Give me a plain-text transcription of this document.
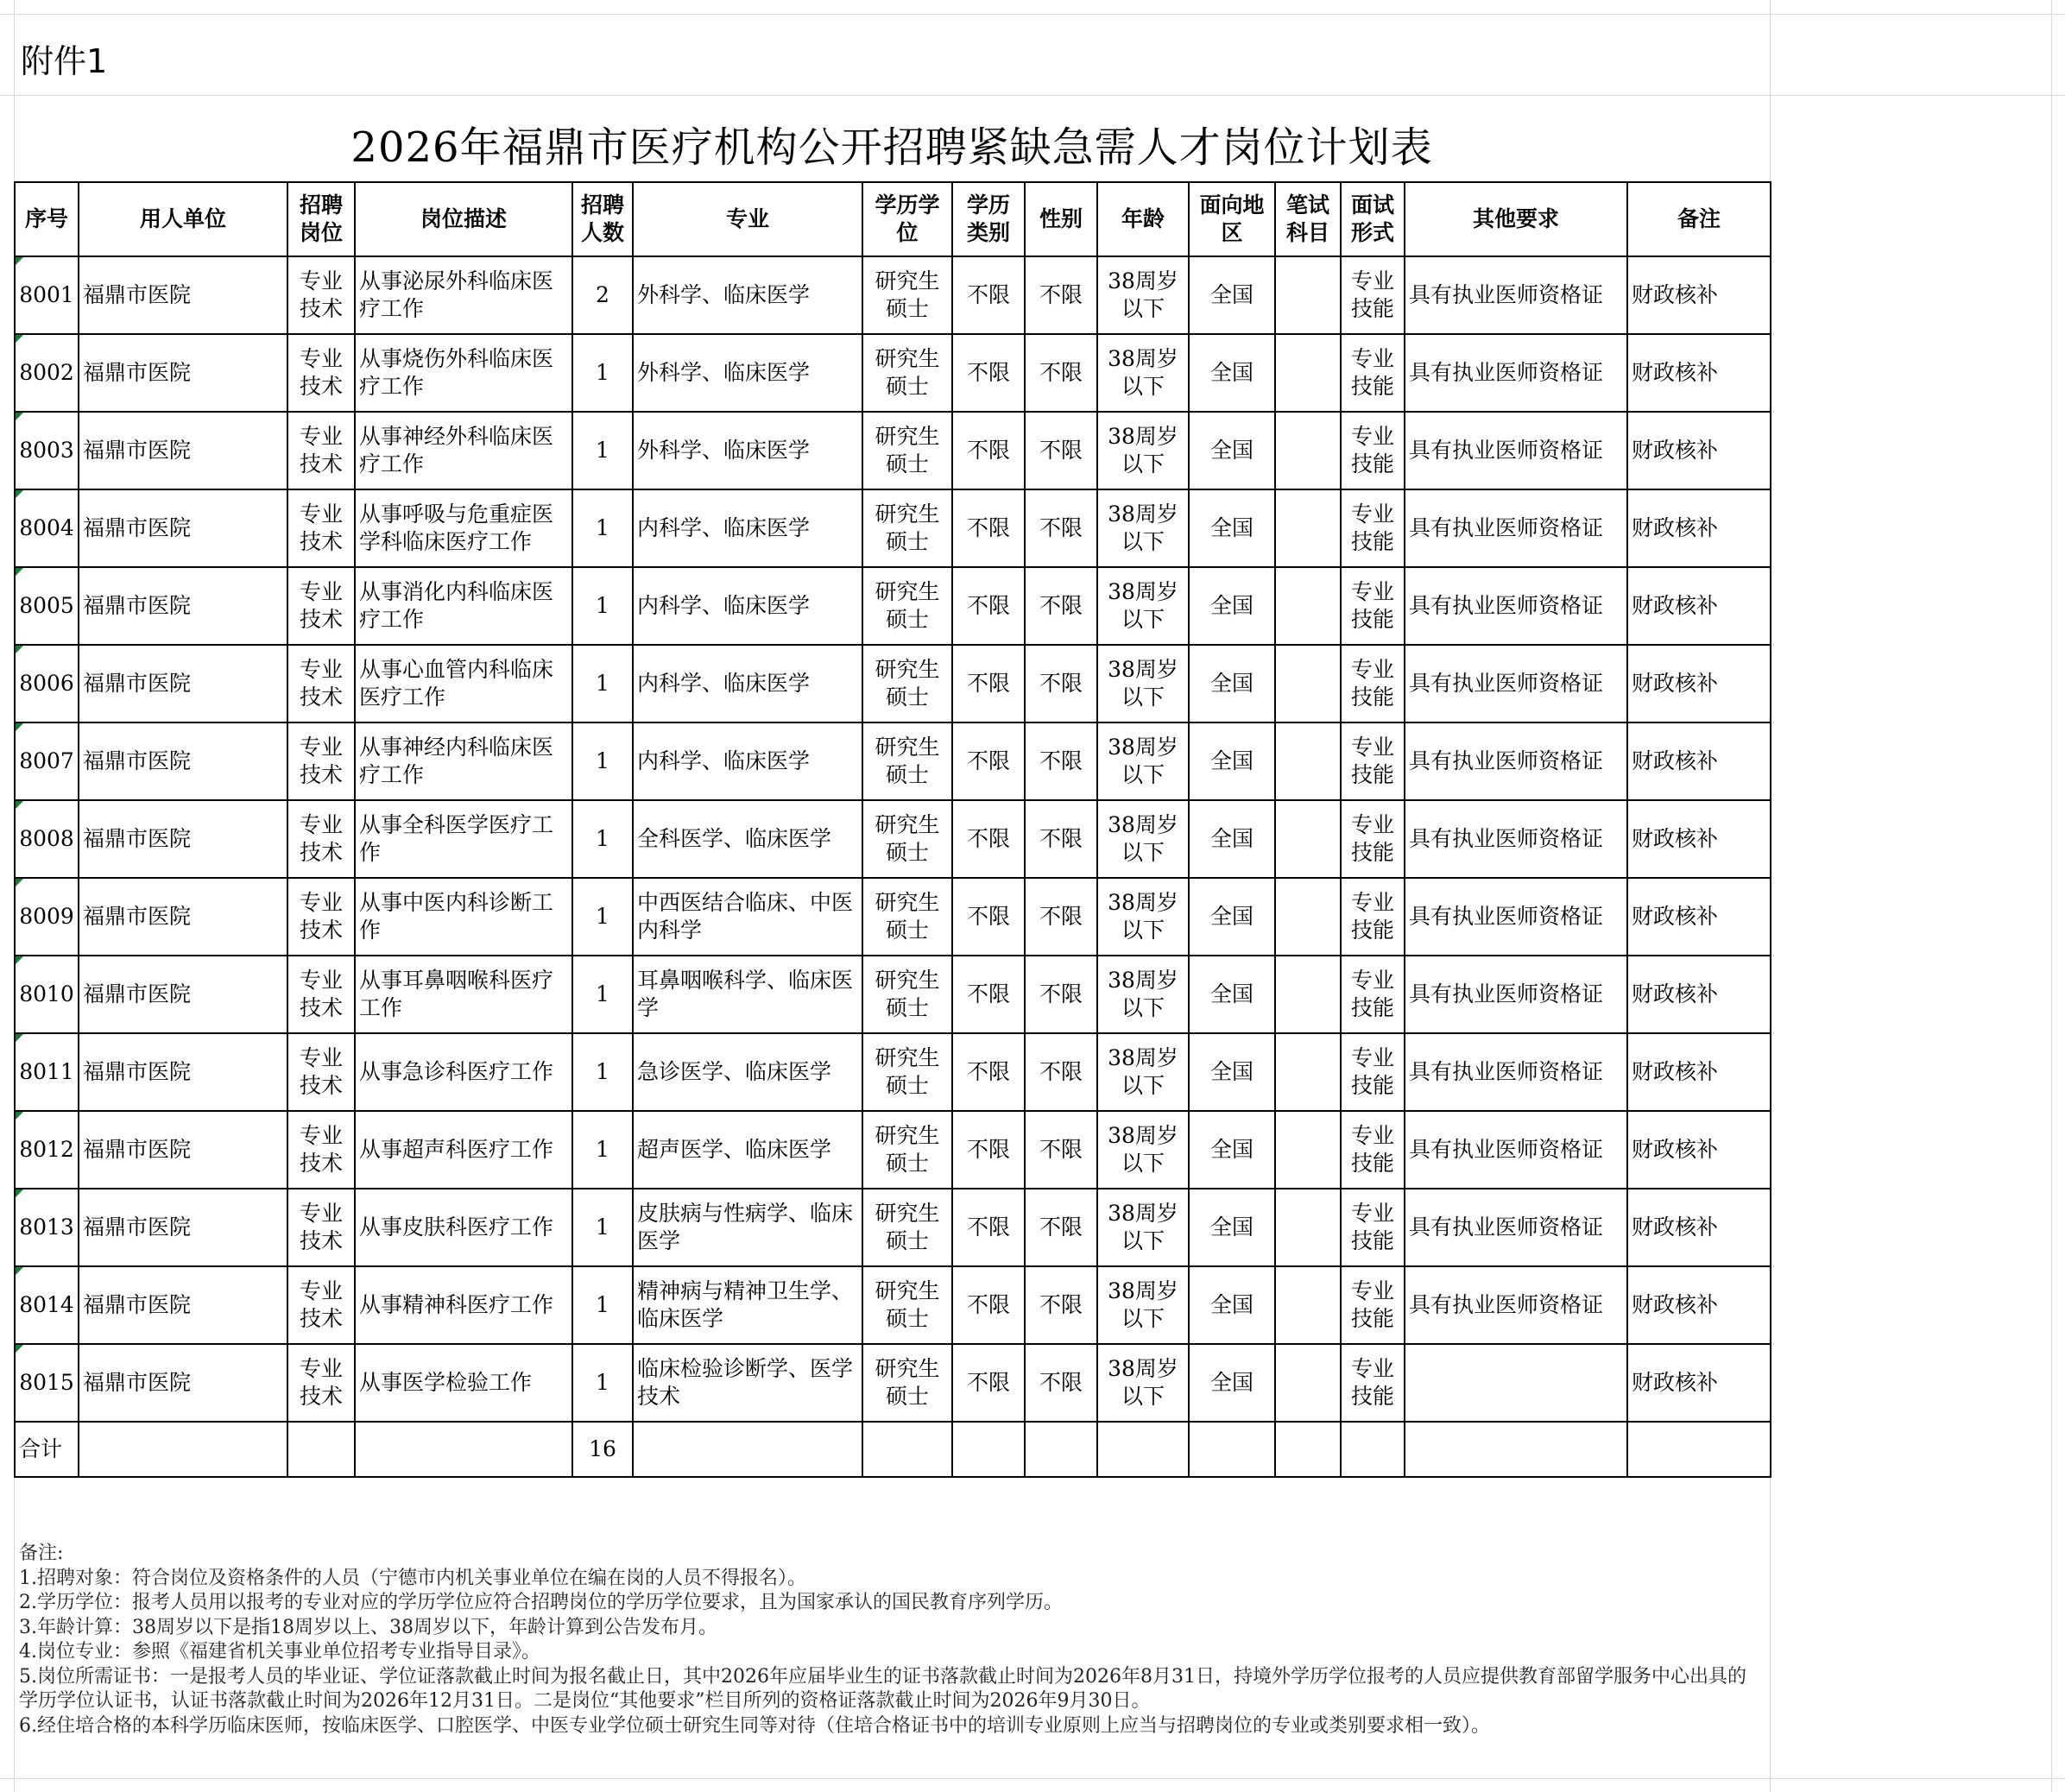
附件1
2026年福鼎市医疗机构公开招聘紧缺急需人才岗位计划表
序号	用人单位	招聘岗位	岗位描述	招聘人数	专业	学历学位	学历类别	性别	年龄	面向地区	笔试科目	面试形式	其他要求	备注
8001	福鼎市医院	专业技术	从事泌尿外科临床医疗工作	2	外科学、临床医学	研究生硕士	不限	不限	38周岁以下	全国		专业技能	具有执业医师资格证	财政核补
8002	福鼎市医院	专业技术	从事烧伤外科临床医疗工作	1	外科学、临床医学	研究生硕士	不限	不限	38周岁以下	全国		专业技能	具有执业医师资格证	财政核补
8003	福鼎市医院	专业技术	从事神经外科临床医疗工作	1	外科学、临床医学	研究生硕士	不限	不限	38周岁以下	全国		专业技能	具有执业医师资格证	财政核补
8004	福鼎市医院	专业技术	从事呼吸与危重症医学科临床医疗工作	1	内科学、临床医学	研究生硕士	不限	不限	38周岁以下	全国		专业技能	具有执业医师资格证	财政核补
8005	福鼎市医院	专业技术	从事消化内科临床医疗工作	1	内科学、临床医学	研究生硕士	不限	不限	38周岁以下	全国		专业技能	具有执业医师资格证	财政核补
8006	福鼎市医院	专业技术	从事心血管内科临床医疗工作	1	内科学、临床医学	研究生硕士	不限	不限	38周岁以下	全国		专业技能	具有执业医师资格证	财政核补
8007	福鼎市医院	专业技术	从事神经内科临床医疗工作	1	内科学、临床医学	研究生硕士	不限	不限	38周岁以下	全国		专业技能	具有执业医师资格证	财政核补
8008	福鼎市医院	专业技术	从事全科医学医疗工作	1	全科医学、临床医学	研究生硕士	不限	不限	38周岁以下	全国		专业技能	具有执业医师资格证	财政核补
8009	福鼎市医院	专业技术	从事中医内科诊断工作	1	中西医结合临床、中医内科学	研究生硕士	不限	不限	38周岁以下	全国		专业技能	具有执业医师资格证	财政核补
8010	福鼎市医院	专业技术	从事耳鼻咽喉科医疗工作	1	耳鼻咽喉科学、临床医学	研究生硕士	不限	不限	38周岁以下	全国		专业技能	具有执业医师资格证	财政核补
8011	福鼎市医院	专业技术	从事急诊科医疗工作	1	急诊医学、临床医学	研究生硕士	不限	不限	38周岁以下	全国		专业技能	具有执业医师资格证	财政核补
8012	福鼎市医院	专业技术	从事超声科医疗工作	1	超声医学、临床医学	研究生硕士	不限	不限	38周岁以下	全国		专业技能	具有执业医师资格证	财政核补
8013	福鼎市医院	专业技术	从事皮肤科医疗工作	1	皮肤病与性病学、临床医学	研究生硕士	不限	不限	38周岁以下	全国		专业技能	具有执业医师资格证	财政核补
8014	福鼎市医院	专业技术	从事精神科医疗工作	1	精神病与精神卫生学、临床医学	研究生硕士	不限	不限	38周岁以下	全国		专业技能	具有执业医师资格证	财政核补
8015	福鼎市医院	专业技术	从事医学检验工作	1	临床检验诊断学、医学技术	研究生硕士	不限	不限	38周岁以下	全国		专业技能		财政核补
合计				16										
备注:
1.招聘对象：符合岗位及资格条件的人员（宁德市内机关事业单位在编在岗的人员不得报名）。
2.学历学位：报考人员用以报考的专业对应的学历学位应符合招聘岗位的学历学位要求，且为国家承认的国民教育序列学历。
3.年龄计算：38周岁以下是指18周岁以上、38周岁以下，年龄计算到公告发布月。
4.岗位专业：参照《福建省机关事业单位招考专业指导目录》。
5.岗位所需证书：一是报考人员的毕业证、学位证落款截止时间为报名截止日，其中2026年应届毕业生的证书落款截止时间为2026年8月31日，持境外学历学位报考的人员应提供教育部留学服务中心出具的学历学位认证书，认证书落款截止时间为2026年12月31日。二是岗位“其他要求”栏目所列的资格证落款截止时间为2026年9月30日。
6.经住培合格的本科学历临床医师，按临床医学、口腔医学、中医专业学位硕士研究生同等对待（住培合格证书中的培训专业原则上应当与招聘岗位的专业或类别要求相一致）。
